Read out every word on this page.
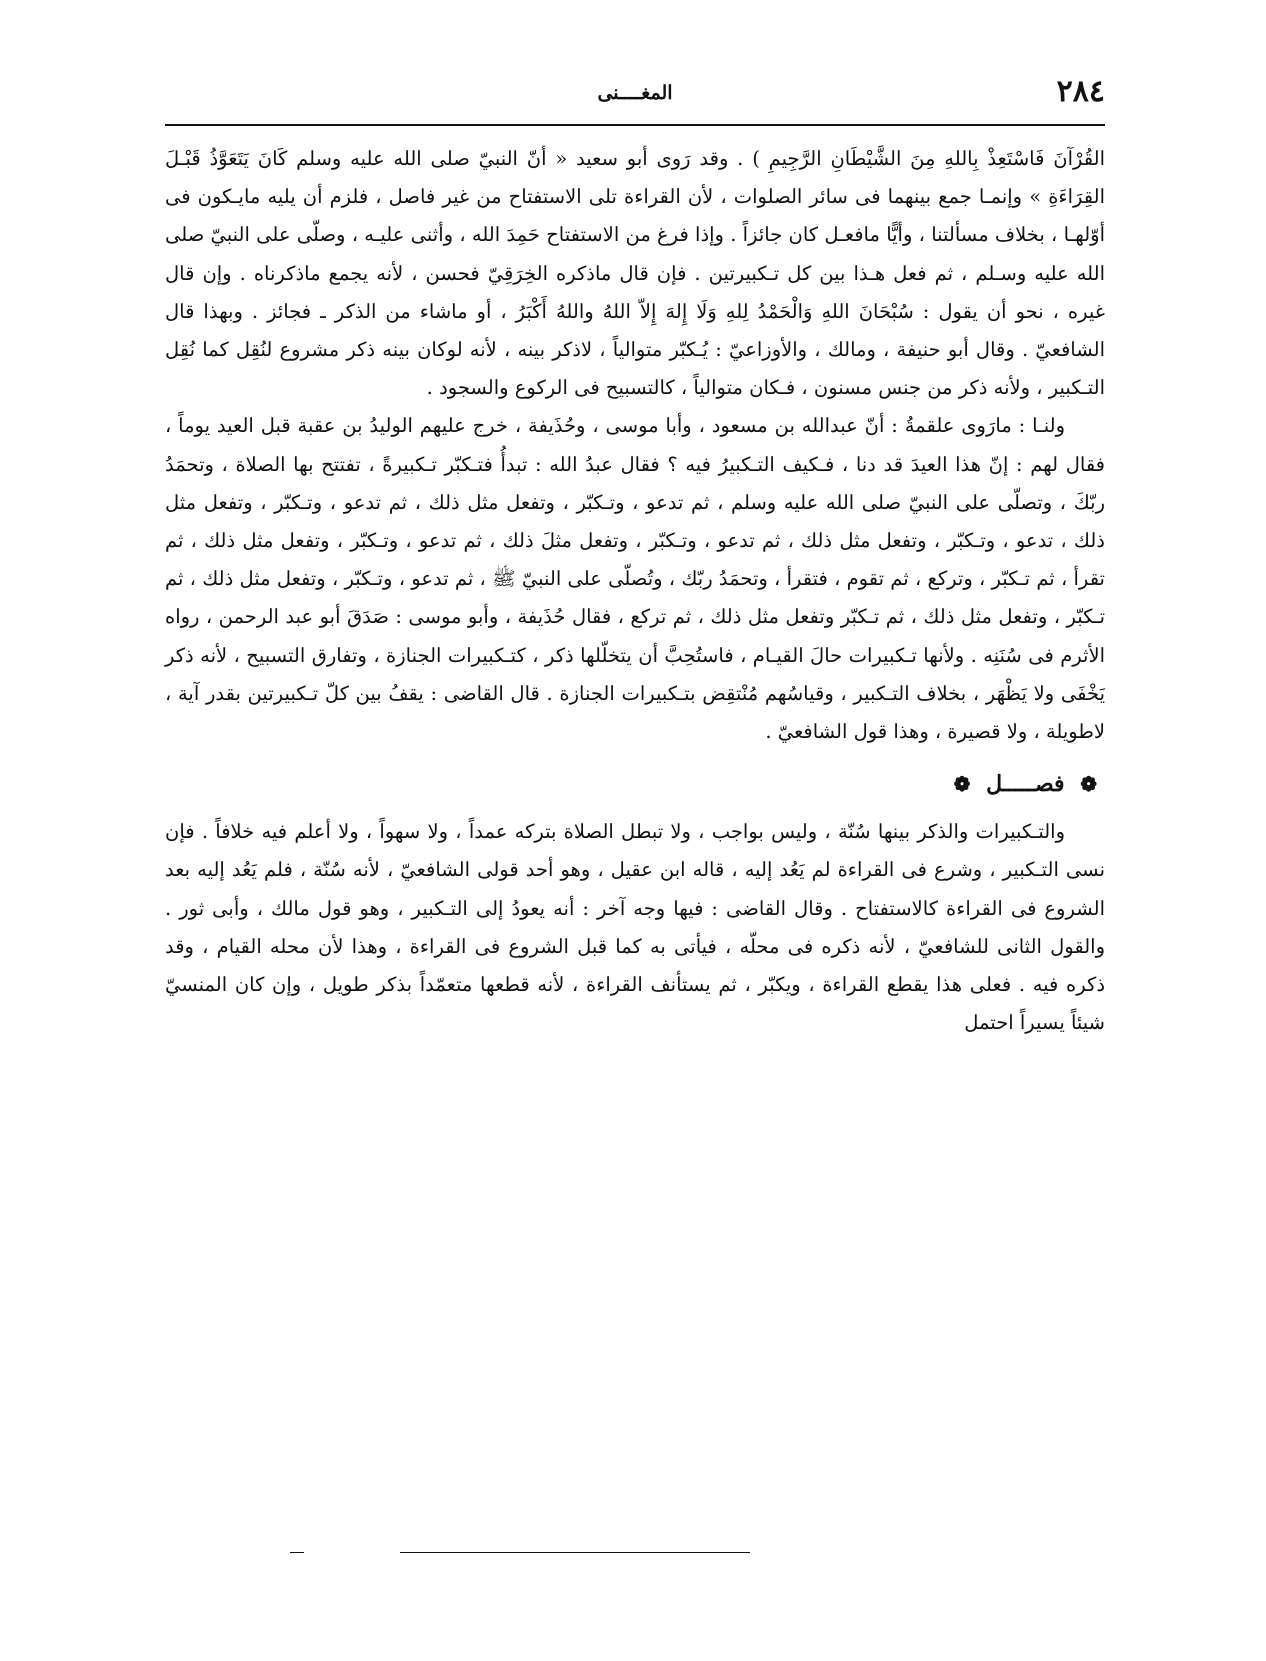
٢٨٤
المغــــنى

القُرْآنَ فَاسْتَعِذْ بِاللهِ مِنَ الشَّيْطَانِ الرَّجِيمِ ) . وقد رَوى أبو سعيد « أنّ النبيّ صلى الله عليه وسلم كَانَ يَتَعَوَّذُ قَبْـلَ القِرَاءَةِ » وإنمـا جمع بينهما فى سائر الصلوات ، لأن القراءة تلى الاستفتاح من غير فاصل ، فلزم أن يليه مايـكون فى أوّلهـا ، بخلاف مسألتنا ، وأيًّا مافعـل كان جائزاً . وإذا فرغ من الاستفتاح حَمِدَ الله ، وأثنى عليـه ، وصلّى على النبيّ صلى الله عليه وسـلم ، ثم فعل هـذا بين كل تـكبيرتين . فإن قال ماذكره الخِرَقِيّ فحسن ، لأنه يجمع ماذكرناه . وإن قال غيره ، نحو أن يقول : سُبْحَانَ اللهِ وَالْحَمْدُ لِلهِ وَلَا إِلهَ إِلاّ اللهُ واللهُ أَكْبَرُ ، أو ماشاء من الذكر ـ فجائز . وبهذا قال الشافعيّ . وقال أبو حنيفة ، ومالك ، والأوزاعيّ : يُـكبّر متوالياً ، لاذكر بينه ، لأنه لوكان بينه ذكر مشروع لنُقِل كما نُقِل التـكبير ، ولأنه ذكر من جنس مسنون ، فـكان متوالياً ، كالتسبيح فى الركوع والسجود .

ولنـا : مارَوى علقمةُ : أنّ عبدالله بن مسعود ، وأبا موسى ، وحُذَيفة ، خرج عليهم الوليدُ بن عقبة قبل العيد يوماً ، فقال لهم : إنّ هذا العيدَ قد دنا ، فـكيف التـكبيرُ فيه ؟ فقال عبدُ الله : تبدأُ فتـكبّر تـكبيرةً ، تفتتح بها الصلاة ، وتحمَدُ ربّكَ ، وتصلّى على النبيّ صلى الله عليه وسلم ، ثم تدعو ، وتـكبّر ، وتفعل مثل ذلك ، ثم تدعو ، وتـكبّر ، وتفعل مثل ذلك ، تدعو ، وتـكبّر ، وتفعل مثل ذلك ، ثم تدعو ، وتـكبّر ، وتفعل مثلَ ذلك ، ثم تدعو ، وتـكبّر ، وتفعل مثل ذلك ، ثم تقرأ ، ثم تـكبّر ، وتركع ، ثم تقوم ، فتقرأ ، وتحمَدُ ربّك ، وتُصلّى على النبيّ ﷺ ، ثم تدعو ، وتـكبّر ، وتفعل مثل ذلك ، ثم تـكبّر ، وتفعل مثل ذلك ، ثم تـكبّر وتفعل مثل ذلك ، ثم تركع ، فقال حُذَيفة ، وأبو موسى : صَدَقَ أبو عبد الرحمن ، رواه الأثرم فى سُنَنِه . ولأنها تـكبيرات حالَ القيـام ، فاستُحِبَّ أن يتخلّلها ذكر ، كتـكبيرات الجنازة ، وتفارق التسبيح ، لأنه ذكر يَخْفَى ولا يَظْهَر ، بخلاف التـكبير ، وقياسُهم مُنْتقِض بتـكبيرات الجنازة . قال القاضى : يقفُ بين كلّ تـكبيرتين بقدر آية ، لاطويلة ، ولا قصيرة ، وهذا قول الشافعيّ .

❁ فصـــــل ❁

والتـكبيرات والذكر بينها سُنّة ، وليس بواجب ، ولا تبطل الصلاة بتركه عمداً ، ولا سهواً ، ولا أعلم فيه خلافاً . فإن نسى التـكبير ، وشرع فى القراءة لم يَعُد إليه ، قاله ابن عقيل ، وهو أحد قولى الشافعيّ ، لأنه سُنّة ، فلم يَعُد إليه بعد الشروع فى القراءة كالاستفتاح . وقال القاضى : فيها وجه آخر : أنه يعودُ إلى التـكبير ، وهو قول مالك ، وأبى ثور . والقول الثانى للشافعيّ ، لأنه ذكره فى محلّه ، فيأتى به كما قبل الشروع فى القراءة ، وهذا لأن محله القيام ، وقد ذكره فيه . فعلى هذا يقطع القراءة ، ويكبّر ، ثم يستأنف القراءة ، لأنه قطعها متعمّداً بذكر طويل ، وإن كان المنسيّ شيئاً يسيراً احتمل
